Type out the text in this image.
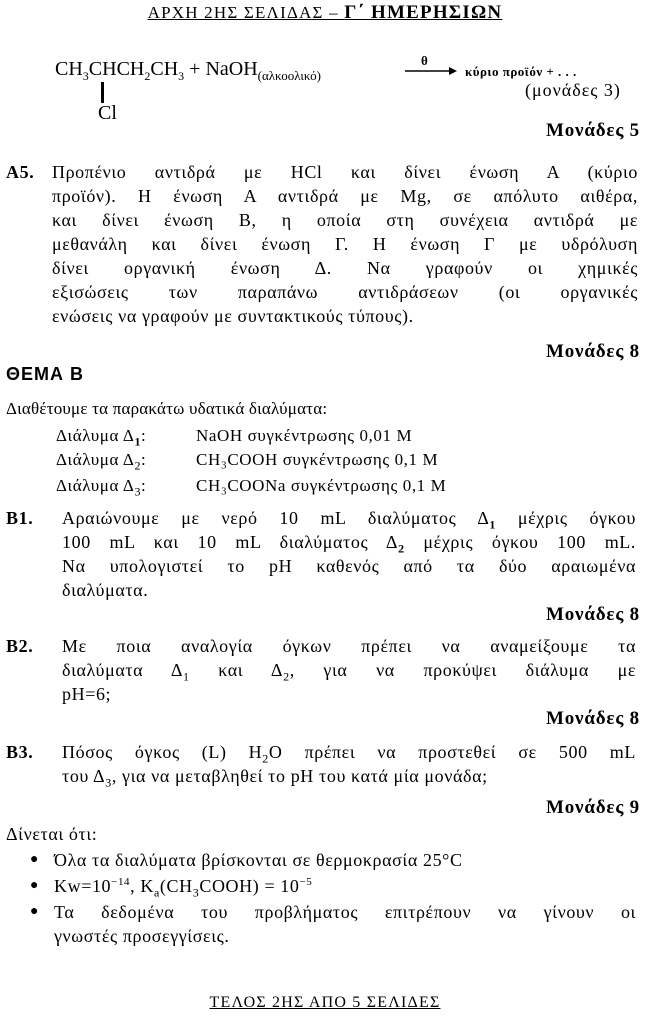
ΑΡΧΗ 2ΗΣ ΣΕΛΙΔΑΣ – Γ΄ ΗΜΕΡΗΣΙΩΝ
$CH_3CHCH_2CH_3$ + NaOH$_{(\alpha\lambda\kappa oo\lambda\iota\kappa ό)}$
Cl
θ
→ κύριο προϊόν + . . .
(μονάδες 3)
Μονάδες 5
Α5. Προπένιο αντιδρά με HCl και δίνει ένωση Α (κύριο
προϊόν). Η ένωση Α αντιδρά με Mg, σε απόλυτο αιθέρα,
και δίνει ένωση Β, η οποία στη συνέχεια αντιδρά με
μεθανάλη και δίνει ένωση Γ. Η ένωση Γ με υδρόλυση
δίνει οργανική ένωση Δ. Να γραφούν οι χημικές
εξισώσεις των παραπάνω αντιδράσεων (οι οργανικές
ενώσεις να γραφούν με συντακτικούς τύπους).
Μονάδες 8
ΘΕΜΑ Β
Διαθέτουμε τα παρακάτω υδατικά διαλύματα:
Διάλυμα $\Delta_1$:	NaOH συγκέντρωσης 0,01 M
Διάλυμα $\Delta_2$:	CH₃COOH συγκέντρωσης 0,1 M
Διάλυμα $\Delta_3$:	CH₃COONa συγκέντρωσης 0,1 M
Β1. Αραιώνουμε με νερό 10 mL διαλύματος $\Delta_1$ μέχρις όγκου
100 mL και 10 mL διαλύματος $\Delta_2$ μέχρις όγκου 100 mL.
Να υπολογιστεί το pH καθενός από τα δύο αραιωμένα
διαλύματα.
Μονάδες 8
Β2. Με ποια αναλογία όγκων πρέπει να αναμείξουμε τα
διαλύματα $\Delta_1$ και $\Delta_2$, για να προκύψει διάλυμα με
pH=6;
Μονάδες 8
Β3. Πόσος όγκος (L) $H_2O$ πρέπει να προστεθεί σε 500 mL
του $\Delta_3$, για να μεταβληθεί το pH του κατά μία μονάδα;
Μονάδες 9
Δίνεται ότι:
● Όλα τα διαλύματα βρίσκονται σε θερμοκρασία 25°C
● $Kw=10^{-14}$, $K_a(CH_3COOH) = 10^{-5}$
● Τα δεδομένα του προβλήματος επιτρέπουν να γίνουν οι
γνωστές προσεγγίσεις.
ΤΕΛΟΣ 2ΗΣ ΑΠΟ 5 ΣΕΛΙΔΕΣ
